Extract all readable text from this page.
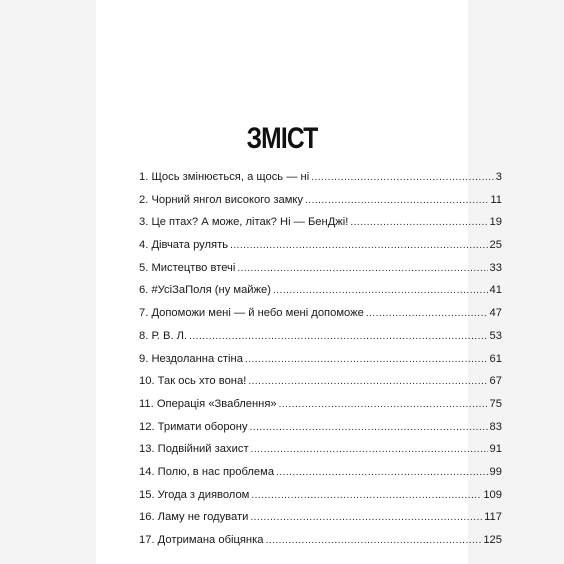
ЗМІСТ
1. Щось змінюється, а щось — ні .....	3
2. Чорний янгол високого замку .....	11
3. Це птах? А може, літак? Ні — БенДжі! .....	19
4. Дівчата рулять .....	25
5. Мистецтво втечі .....	33
6. #УсіЗаПоля (ну майже) .....	41
7. Допоможи мені — й небо мені допоможе .....	47
8. Р. В. Л. .....	53
9. Нездоланна стіна .....	61
10. Так ось хто вона! .....	67
11. Операція «Зваблення» .....	75
12. Тримати оборону .....	83
13. Подвійний захист .....	91
14. Полю, в нас проблема .....	99
15. Угода з дияволом .....	109
16. Ламу не годувати .....	117
17. Дотримана обіцянка .....	125
